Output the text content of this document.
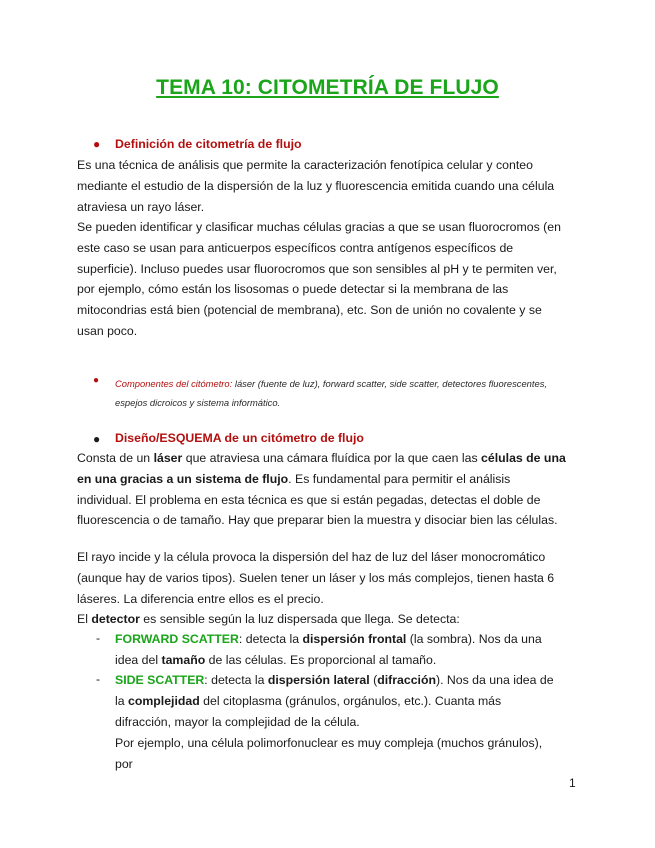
TEMA 10: CITOMETRÍA DE FLUJO
● Definición de citometría de flujo
Es una técnica de análisis que permite la caracterización fenotípica celular y conteo mediante el estudio de la dispersión de la luz y fluorescencia emitida cuando una célula atraviesa un rayo láser.
Se pueden identificar y clasificar muchas células gracias a que se usan fluorocromos (en este caso se usan para anticuerpos específicos contra antígenos específicos de superficie). Incluso puedes usar fluorocromos que son sensibles al pH y te permiten ver, por ejemplo, cómo están los lisosomas o puede detectar si la membrana de las mitocondrias está bien (potencial de membrana), etc. Son de unión no covalente y se usan poco.
● Componentes del citómetro: láser (fuente de luz), forward scatter, side scatter, detectores fluorescentes, espejos dicroicos y sistema informático.
● Diseño/ESQUEMA de un citómetro de flujo
Consta de un láser que atraviesa una cámara fluídica por la que caen las células de una en una gracias a un sistema de flujo. Es fundamental para permitir el análisis individual. El problema en esta técnica es que si están pegadas, detectas el doble de fluorescencia o de tamaño. Hay que preparar bien la muestra y disociar bien las células.
El rayo incide y la célula provoca la dispersión del haz de luz del láser monocromático (aunque hay de varios tipos). Suelen tener un láser y los más complejos, tienen hasta 6 láseres. La diferencia entre ellos es el precio.
El detector es sensible según la luz dispersada que llega. Se detecta:
- FORWARD SCATTER: detecta la dispersión frontal (la sombra). Nos da una idea del tamaño de las células. Es proporcional al tamaño.
- SIDE SCATTER: detecta la dispersión lateral (difracción). Nos da una idea de la complejidad del citoplasma (gránulos, orgánulos, etc.). Cuanta más difracción, mayor la complejidad de la célula.
Por ejemplo, una célula polimorfonuclear es muy compleja (muchos gránulos), por
1
